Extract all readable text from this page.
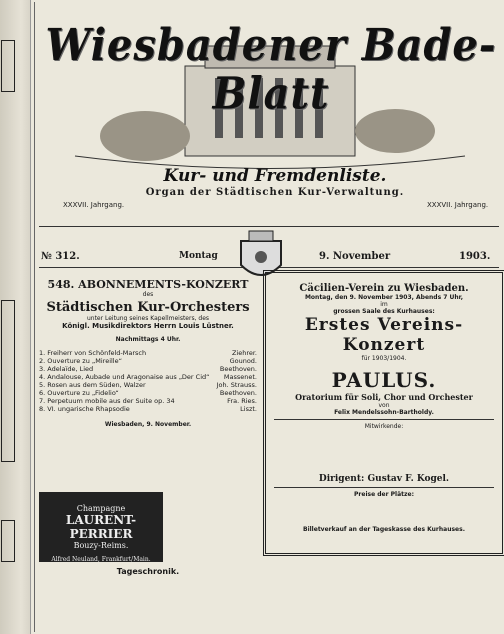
Wiesbadener Bade-Blatt
Kur- und Fremdenliste.
Organ der Städtischen Kur-Verwaltung.
XXXVII. Jahrgang.	XXXVII. Jahrgang.
№ 312.	Montag	9. November	1903.
548. ABONNEMENTS-KONZERT
des
Städtischen Kur-Orchesters
unter Leitung seines Kapellmeisters, des
Königl. Musikdirektors Herrn Louis Lüstner.
Nachmittags 4 Uhr.
1. Freiherr von Schönfeld-Marsch	Ziehrer.
2. Ouverture zu „Mireille“	Gounod.
3. Adelaïde, Lied	Beethoven.
4. Andalouse, Aubade und Aragonaise aus „Der Cid“ Massenet.
5. Rosen aus dem Süden, Walzer	Joh. Strauss.
6. Ouverture zu „Fidelio“	Beethoven.
7. Perpetuum mobile aus der Suite op. 34	Fra. Ries.
8. VI. ungarische Rhapsodie	Liszt.
Wiesbaden, 9. November.
Champagne
LAURENT-PERRIER
Bouzy-Reims.
Alfred Neuland, Frankfurt/Main.
Tageschronik.
Cäcilien-Verein zu Wiesbaden.
Montag, den 9. November 1903, Abends 7 Uhr,
im
grossen Saale des Kurhauses:
Erstes Vereins-Konzert
für 1903/1904.
PAULUS.
Oratorium für Soli, Chor und Orchester
von
Felix Mendelssohn-Bartholdy.
Mitwirkende:
Dirigent: Gustav F. Kogel.
Preise der Plätze:
Billetverkauf an der Tageskasse des Kurhauses.
